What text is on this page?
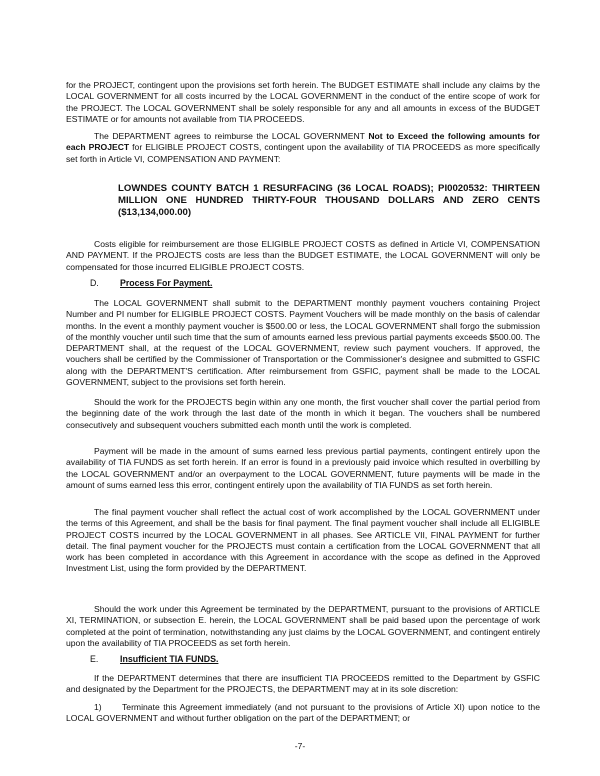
for the PROJECT, contingent upon the provisions set forth herein. The BUDGET ESTIMATE shall include any claims by the LOCAL GOVERNMENT for all costs incurred by the LOCAL GOVERNMENT in the conduct of the entire scope of work for the PROJECT. The LOCAL GOVERNMENT shall be solely responsible for any and all amounts in excess of the BUDGET ESTIMATE or for amounts not available from TIA PROCEEDS.

The DEPARTMENT agrees to reimburse the LOCAL GOVERNMENT Not to Exceed the following amounts for each PROJECT for ELIGIBLE PROJECT COSTS, contingent upon the availability of TIA PROCEEDS as more specifically set forth in Article VI, COMPENSATION AND PAYMENT:

LOWNDES COUNTY BATCH 1 RESURFACING (36 LOCAL ROADS); PI0020532: THIRTEEN MILLION ONE HUNDRED THIRTY-FOUR THOUSAND DOLLARS AND ZERO CENTS ($13,134,000.00)

Costs eligible for reimbursement are those ELIGIBLE PROJECT COSTS as defined in Article VI, COMPENSATION AND PAYMENT. If the PROJECTS costs are less than the BUDGET ESTIMATE, the LOCAL GOVERNMENT will only be compensated for those incurred ELIGIBLE PROJECT COSTS.

D. Process For Payment.

The LOCAL GOVERNMENT shall submit to the DEPARTMENT monthly payment vouchers containing Project Number and PI number for ELIGIBLE PROJECT COSTS. Payment Vouchers will be made monthly on the basis of calendar months. In the event a monthly payment voucher is $500.00 or less, the LOCAL GOVERNMENT shall forgo the submission of the monthly voucher until such time that the sum of amounts earned less previous partial payments exceeds $500.00. The DEPARTMENT shall, at the request of the LOCAL GOVERNMENT, review such payment vouchers. If approved, the vouchers shall be certified by the Commissioner of Transportation or the Commissioner's designee and submitted to GSFIC along with the DEPARTMENT'S certification. After reimbursement from GSFIC, payment shall be made to the LOCAL GOVERNMENT, subject to the provisions set forth herein.

Should the work for the PROJECTS begin within any one month, the first voucher shall cover the partial period from the beginning date of the work through the last date of the month in which it began. The vouchers shall be numbered consecutively and subsequent vouchers submitted each month until the work is completed.

Payment will be made in the amount of sums earned less previous partial payments, contingent entirely upon the availability of TIA FUNDS as set forth herein. If an error is found in a previously paid invoice which resulted in overbilling by the LOCAL GOVERNMENT and/or an overpayment to the LOCAL GOVERNMENT, future payments will be made in the amount of sums earned less this error, contingent entirely upon the availability of TIA FUNDS as set forth herein.

The final payment voucher shall reflect the actual cost of work accomplished by the LOCAL GOVERNMENT under the terms of this Agreement, and shall be the basis for final payment. The final payment voucher shall include all ELIGIBLE PROJECT COSTS incurred by the LOCAL GOVERNMENT in all phases. See ARTICLE VII, FINAL PAYMENT for further detail. The final payment voucher for the PROJECTS must contain a certification from the LOCAL GOVERNMENT that all work has been completed in accordance with this Agreement in accordance with the scope as defined in the Approved Investment List, using the form provided by the DEPARTMENT.

Should the work under this Agreement be terminated by the DEPARTMENT, pursuant to the provisions of ARTICLE XI, TERMINATION, or subsection E. herein, the LOCAL GOVERNMENT shall be paid based upon the percentage of work completed at the point of termination, notwithstanding any just claims by the LOCAL GOVERNMENT, and contingent entirely upon the availability of TIA PROCEEDS as set forth herein.

E. Insufficient TIA FUNDS.

If the DEPARTMENT determines that there are insufficient TIA PROCEEDS remitted to the Department by GSFIC and designated by the Department for the PROJECTS, the DEPARTMENT may at in its sole discretion:

1) Terminate this Agreement immediately (and not pursuant to the provisions of Article XI) upon notice to the LOCAL GOVERNMENT and without further obligation on the part of the DEPARTMENT; or

-7-
